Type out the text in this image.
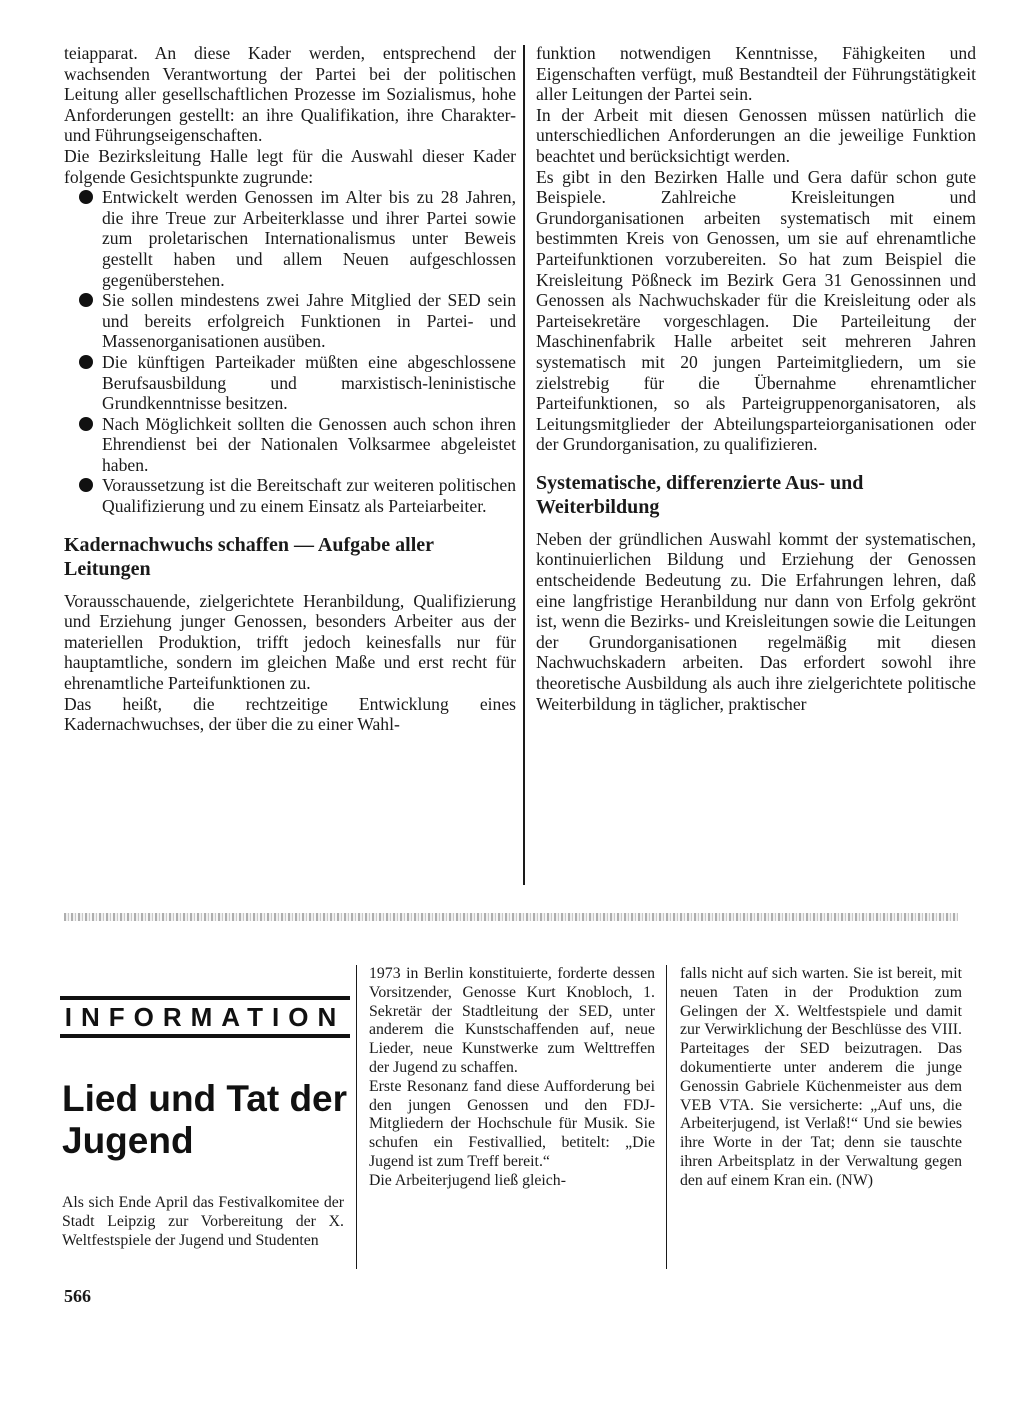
teiapparat. An diese Kader werden, entsprechend der wachsenden Verantwortung der Partei bei der politischen Leitung aller gesellschaftlichen Prozesse im Sozialismus, hohe Anforderungen gestellt: an ihre Qualifikation, ihre Charakter- und Führungseigenschaften.

Die Bezirksleitung Halle legt für die Auswahl dieser Kader folgende Gesichtspunkte zugrunde:

Entwickelt werden Genossen im Alter bis zu 28 Jahren, die ihre Treue zur Arbeiterklasse und ihrer Partei sowie zum proletarischen Internationalismus unter Beweis gestellt haben und allem Neuen aufgeschlossen gegenüberstehen.

Sie sollen mindestens zwei Jahre Mitglied der SED sein und bereits erfolgreich Funktionen in Partei- und Massenorganisationen ausüben.

Die künftigen Parteikader müßten eine abgeschlossene Berufsausbildung und marxistisch-leninistische Grundkenntnisse besitzen.

Nach Möglichkeit sollten die Genossen auch schon ihren Ehrendienst bei der Nationalen Volksarmee abgeleistet haben.

Voraussetzung ist die Bereitschaft zur weiteren politischen Qualifizierung und zu einem Einsatz als Parteiarbeiter.

Kadernachwuchs schaffen — Aufgabe aller Leitungen

Vorausschauende, zielgerichtete Heranbildung, Qualifizierung und Erziehung junger Genossen, besonders Arbeiter aus der materiellen Produktion, trifft jedoch keinesfalls nur für hauptamtliche, sondern im gleichen Maße und erst recht für ehrenamtliche Parteifunktionen zu.

Das heißt, die rechtzeitige Entwicklung eines Kadernachwuchses, der über die zu einer Wahl-

funktion notwendigen Kenntnisse, Fähigkeiten und Eigenschaften verfügt, muß Bestandteil der Führungstätigkeit aller Leitungen der Partei sein.

In der Arbeit mit diesen Genossen müssen natürlich die unterschiedlichen Anforderungen an die jeweilige Funktion beachtet und berücksichtigt werden.

Es gibt in den Bezirken Halle und Gera dafür schon gute Beispiele. Zahlreiche Kreisleitungen und Grundorganisationen arbeiten systematisch mit einem bestimmten Kreis von Genossen, um sie auf ehrenamtliche Parteifunktionen vorzubereiten. So hat zum Beispiel die Kreisleitung Pößneck im Bezirk Gera 31 Genossinnen und Genossen als Nachwuchskader für die Kreisleitung oder als Parteisekretäre vorgeschlagen. Die Parteileitung der Maschinenfabrik Halle arbeitet seit mehreren Jahren systematisch mit 20 jungen Parteimitgliedern, um sie zielstrebig für die Übernahme ehrenamtlicher Parteifunktionen, so als Parteigruppenorganisatoren, als Leitungsmitglieder der Abteilungsparteiorganisationen oder der Grundorganisation, zu qualifizieren.

Systematische, differenzierte Aus- und Weiterbildung

Neben der gründlichen Auswahl kommt der systematischen, kontinuierlichen Bildung und Erziehung der Genossen entscheidende Bedeutung zu. Die Erfahrungen lehren, daß eine langfristige Heranbildung nur dann von Erfolg gekrönt ist, wenn die Bezirks- und Kreisleitungen sowie die Leitungen der Grundorganisationen regelmäßig mit diesen Nachwuchskadern arbeiten. Das erfordert sowohl ihre theoretische Ausbildung als auch ihre zielgerichtete politische Weiterbildung in täglicher, praktischer

INFORMATION
Lied und Tat der Jugend

Als sich Ende April das Festivalkomitee der Stadt Leipzig zur Vorbereitung der X. Weltfestspiele der Jugend und Studenten

1973 in Berlin konstituierte, forderte dessen Vorsitzender, Genosse Kurt Knobloch, 1. Sekretär der Stadtleitung der SED, unter anderem die Kunstschaffenden auf, neue Lieder, neue Kunstwerke zum Welttreffen der Jugend zu schaffen.

Erste Resonanz fand diese Aufforderung bei den jungen Genossen und den FDJ-Mitgliedern der Hochschule für Musik. Sie schufen ein Festivallied, betitelt: „Die Jugend ist zum Treff bereit.“

Die Arbeiterjugend ließ gleich-

falls nicht auf sich warten. Sie ist bereit, mit neuen Taten in der Produktion zum Gelingen der X. Weltfestspiele und damit zur Verwirklichung der Beschlüsse des VIII. Parteitages der SED beizutragen. Das dokumentierte unter anderem die junge Genossin Gabriele Küchenmeister aus dem VEB VTA. Sie versicherte: „Auf uns, die Arbeiterjugend, ist Verlaß!“ Und sie bewies ihre Worte in der Tat; denn sie tauschte ihren Arbeitsplatz in der Verwaltung gegen den auf einem Kran ein. (NW)

566
